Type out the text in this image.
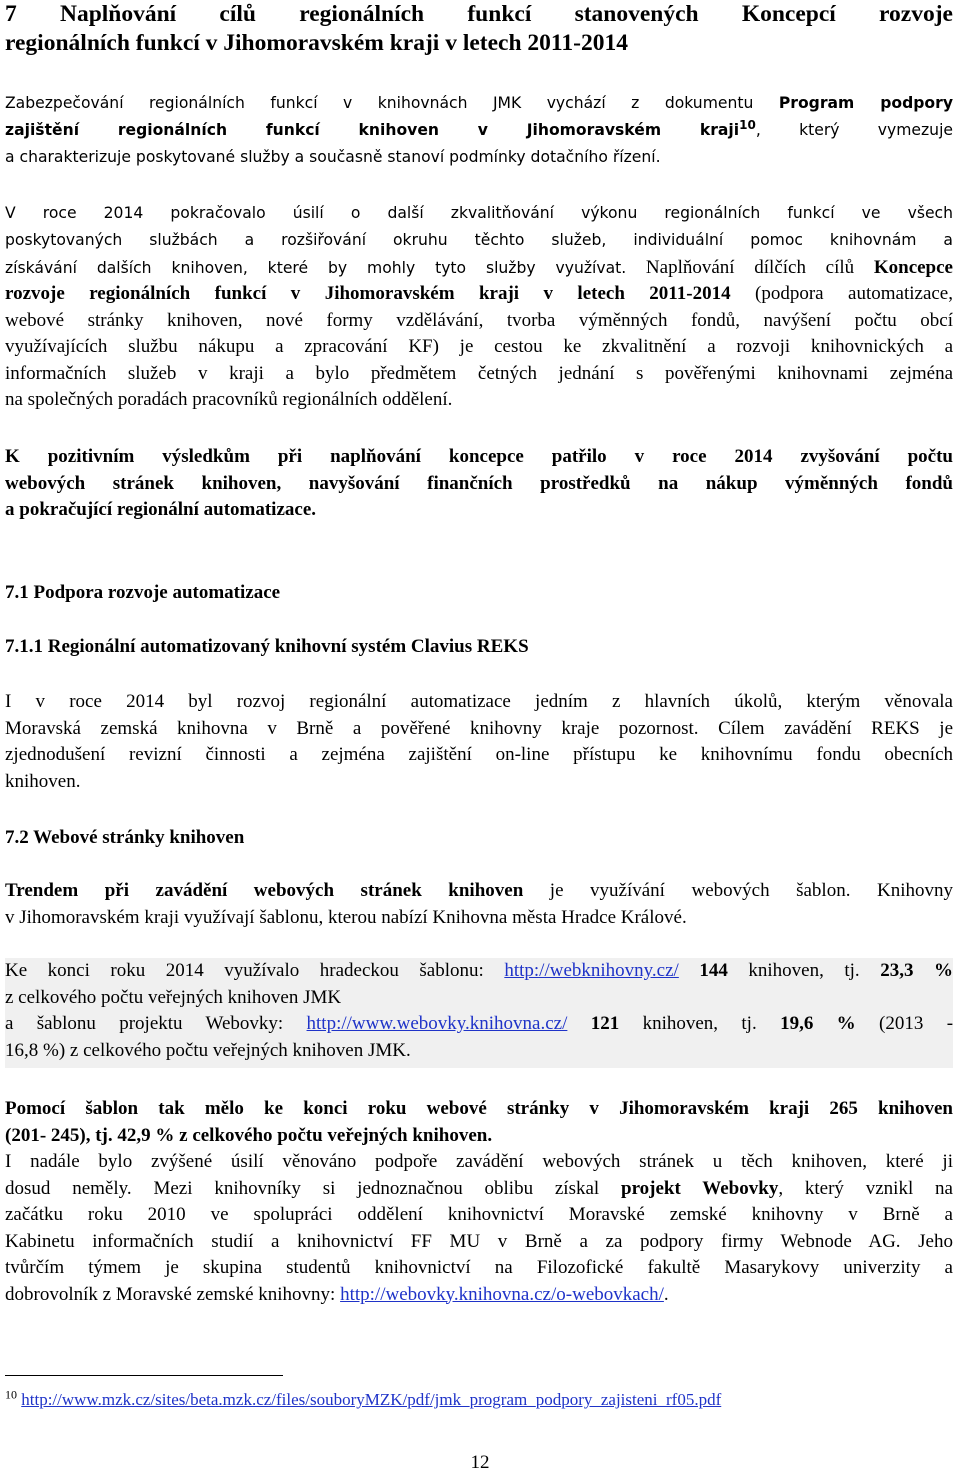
7 Naplňování cílů regionálních funkcí stanovených Koncepcí rozvoje
regionálních funkcí v Jihomoravském kraji v letech 2011-2014
Zabezpečování regionálních funkcí v knihovnách JMK vychází z dokumentu Program podpory
zajištění regionálních funkcí knihoven v Jihomoravském kraji$^{10}$, který vymezuje
a charakterizuje poskytované služby a současně stanoví podmínky dotačního řízení.
V roce 2014 pokračovalo úsilí o další zkvalitňování výkonu regionálních funkcí ve všech
poskytovaných službách a rozšiřování okruhu těchto služeb, individuální pomoc knihovnám a
získávání dalších knihoven, které by mohly tyto služby využívat. Naplňování dílčích cílů Koncepce
rozvoje regionálních funkcí v Jihomoravském kraji v letech 2011-2014 (podpora automatizace,
webové stránky knihoven, nové formy vzdělávání, tvorba výměnných fondů, navýšení počtu obcí
využívajících službu nákupu a zpracování KF) je cestou ke zkvalitnění a rozvoji knihovnických a
informačních služeb v kraji a bylo předmětem četných jednání s pověřenými knihovnami zejména
na společných poradách pracovníků regionálních oddělení.
K pozitivním výsledkům při naplňování koncepce patřilo v roce 2014 zvyšování počtu
webových stránek knihoven, navyšování finančních prostředků na nákup výměnných fondů
a pokračující regionální automatizace.
7.1 Podpora rozvoje automatizace
7.1.1 Regionální automatizovaný knihovní systém Clavius REKS
I v roce 2014 byl rozvoj regionální automatizace jedním z hlavních úkolů, kterým věnovala
Moravská zemská knihovna v Brně a pověřené knihovny kraje pozornost. Cílem zavádění REKS je
zjednodušení revizní činnosti a zejména zajištění on-line přístupu ke knihovnímu fondu obecních
knihoven.
7.2 Webové stránky knihoven
Trendem při zavádění webových stránek knihoven je využívání webových šablon. Knihovny
v Jihomoravském kraji využívají šablonu, kterou nabízí Knihovna města Hradce Králové.
Ke konci roku 2014 využívalo hradeckou šablonu: http://webknihovny.cz/ 144 knihoven, tj. 23,3 %
z celkového počtu veřejných knihoven JMK
a šablonu projektu Webovky: http://www.webovky.knihovna.cz/ 121 knihoven, tj. 19,6 % (2013 -
16,8 %) z celkového počtu veřejných knihoven JMK.
Pomocí šablon tak mělo ke konci roku webové stránky v Jihomoravském kraji 265 knihoven
(201- 245), tj. 42,9 % z celkového počtu veřejných knihoven.
I nadále bylo zvýšené úsilí věnováno podpoře zavádění webových stránek u těch knihoven, které ji
dosud neměly. Mezi knihovníky si jednoznačnou oblibu získal projekt Webovky, který vznikl na
začátku roku 2010 ve spolupráci oddělení knihovnictví Moravské zemské knihovny v Brně a
Kabinetu informačních studií a knihovnictví FF MU v Brně a za podpory firmy Webnode AG. Jeho
tvůrčím týmem je skupina studentů knihovnictví na Filozofické fakultě Masarykovy univerzity a
dobrovolník z Moravské zemské knihovny: http://webovky.knihovna.cz/o-webovkach/.
$^{10}$ http://www.mzk.cz/sites/beta.mzk.cz/files/souboryMZK/pdf/jmk_program_podpory_zajisteni_rf05.pdf
12
